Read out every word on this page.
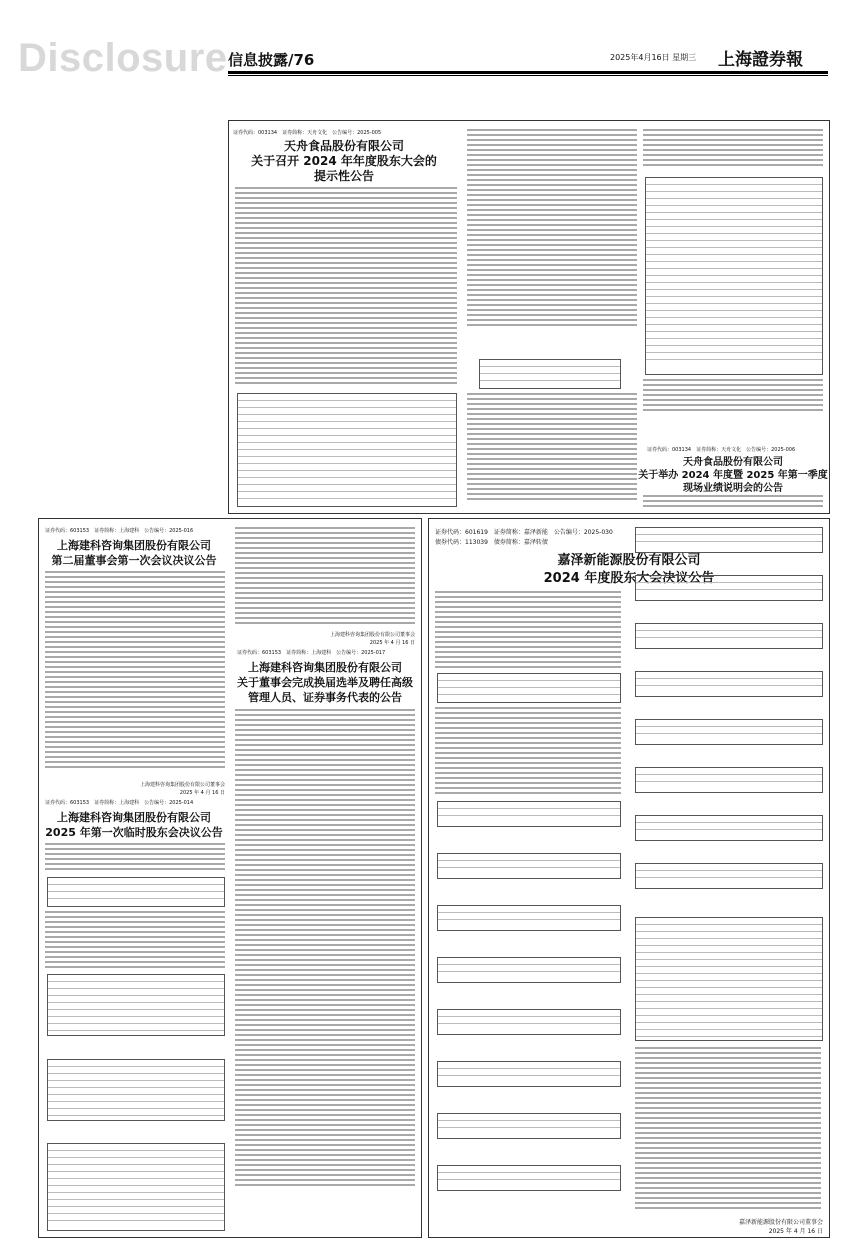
Disclosure 信息披露/76	2025年4月16日 星期三 上海證券報
证券代码：003134　证券简称：天舟文化　公告编号：2025-005
天舟食品股份有限公司
关于召开 2024 年年度股东大会的
提示性公告
证券代码：003134　证券简称：天舟文化　公告编号：2025-006
天舟食品股份有限公司
关于举办 2024 年度暨 2025 年第一季度
现场业绩说明会的公告
证券代码：603153　证券简称：上海建科　公告编号：2025-016
上海建科咨询集团股份有限公司
第二届董事会第一次会议决议公告
上海建科咨询集团股份有限公司董事会
2025 年 4 月 16 日
证券代码：603153　证券简称：上海建科　公告编号：2025-014
上海建科咨询集团股份有限公司
2025 年第一次临时股东会决议公告
上海建科咨询集团股份有限公司董事会
2025 年 4 月 16 日
证券代码：603153　证券简称：上海建科　公告编号：2025-017
上海建科咨询集团股份有限公司
关于董事会完成换届选举及聘任高级
管理人员、证券事务代表的公告
证券代码：601619　证券简称：嘉泽新能　公告编号：2025-030
债券代码：113039　债券简称：嘉泽转债
嘉泽新能源股份有限公司
2024 年度股东大会决议公告
嘉泽新能源股份有限公司董事会
2025 年 4 月 16 日
